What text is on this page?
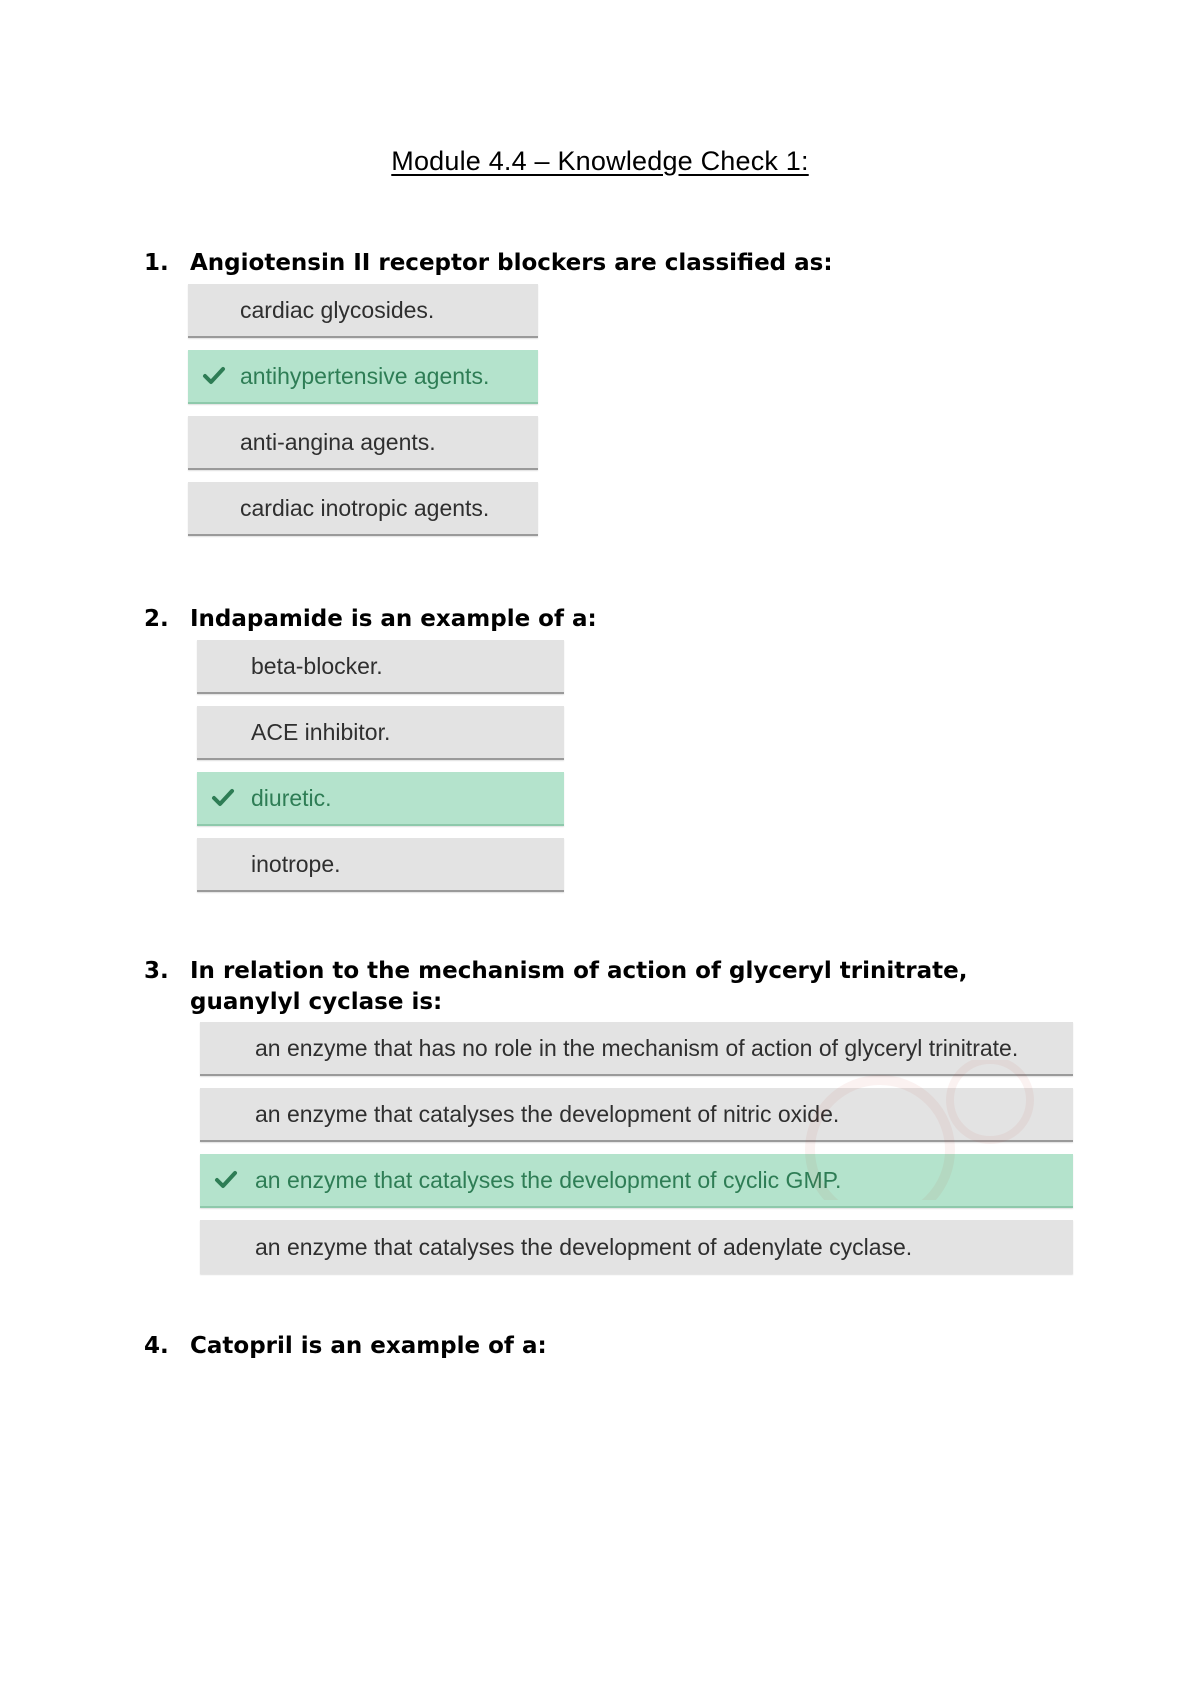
Module 4.4 – Knowledge Check 1:
1. Angiotensin II receptor blockers are classified as:
cardiac glycosides.
antihypertensive agents.
anti-angina agents.
cardiac inotropic agents.
2. Indapamide is an example of a:
beta-blocker.
ACE inhibitor.
diuretic.
inotrope.
3. In relation to the mechanism of action of glyceryl trinitrate,
guanylyl cyclase is:
an enzyme that has no role in the mechanism of action of glyceryl trinitrate.
an enzyme that catalyses the development of nitric oxide.
an enzyme that catalyses the development of cyclic GMP.
an enzyme that catalyses the development of adenylate cyclase.
4. Catopril is an example of a:
